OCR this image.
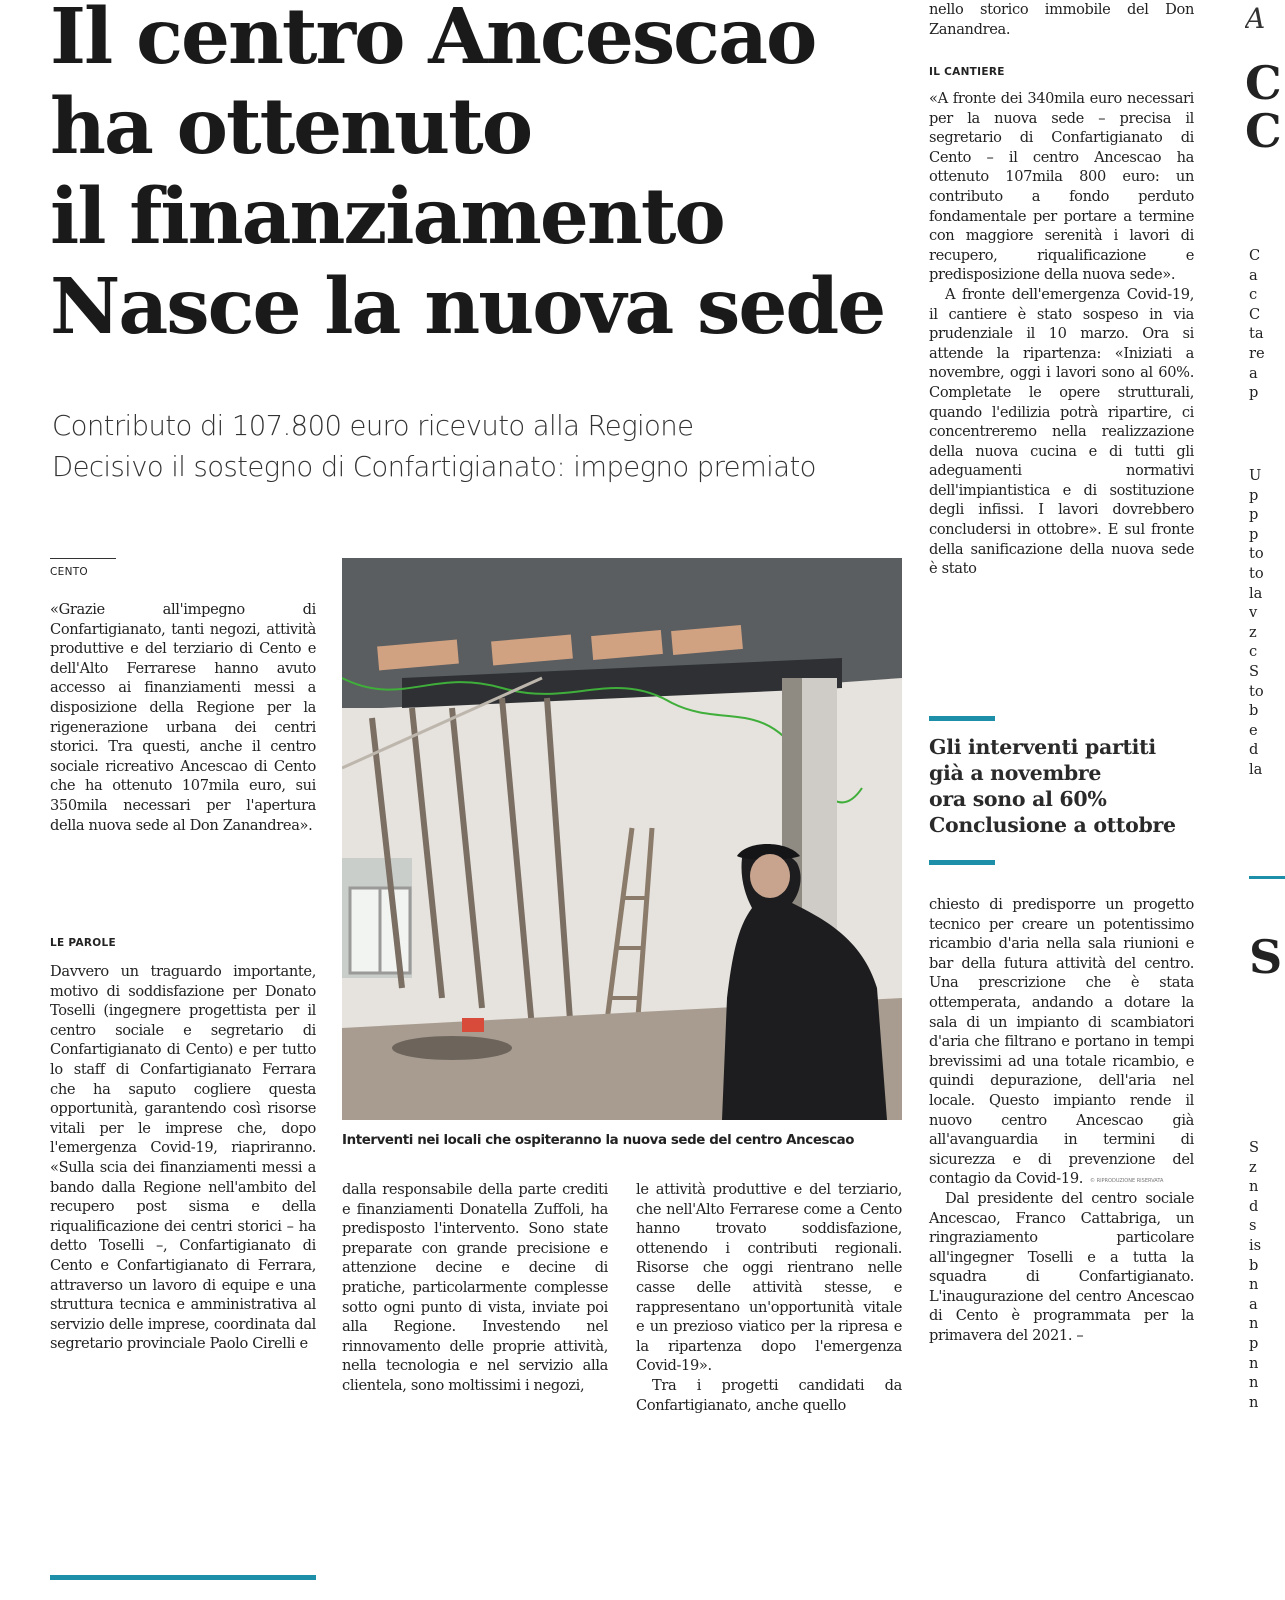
Il centro Ancescao
ha ottenuto
il finanziamento
Nasce la nuova sede
Contributo di 107.800 euro ricevuto alla Regione
Decisivo il sostegno di Confartigianato: impegno premiato
CENTO

«Grazie all'impegno di Confartigianato, tanti negozi, attività produttive e del terziario di Cento e dell'Alto Ferrarese hanno avuto accesso ai finanziamenti messi a disposizione della Regione per la rigenerazione urbana dei centri storici. Tra questi, anche il centro sociale ricreativo Ancescao di Cento che ha ottenuto 107mila euro, sui 350mila necessari per l'apertura della nuova sede al Don Zanandrea».

LE PAROLE

Davvero un traguardo importante, motivo di soddisfazione per Donato Toselli (ingegnere progettista per il centro sociale e segretario di Confartigianato di Cento) e per tutto lo staff di Confartigianato Ferrara che ha saputo cogliere questa opportunità, garantendo così risorse vitali per le imprese che, dopo l'emergenza Covid-19, riapriranno. «Sulla scia dei finanziamenti messi a bando dalla Regione nell'ambito del recupero post sisma e della riqualificazione dei centri storici – ha detto Toselli –, Confartigianato di Cento e Confartigianato di Ferrara, attraverso un lavoro di equipe e una struttura tecnica e amministrativa al servizio delle imprese, coordinata dal segretario provinciale Paolo Cirelli e

Interventi nei locali che ospiteranno la nuova sede del centro Ancescao

dalla responsabile della parte crediti e finanziamenti Donatella Zuffoli, ha predisposto l'intervento. Sono state preparate con grande precisione e attenzione decine e decine di pratiche, particolarmente complesse sotto ogni punto di vista, inviate poi alla Regione. Investendo nel rinnovamento delle proprie attività, nella tecnologia e nel servizio alla clientela, sono moltissimi i negozi,

le attività produttive e del terziario, che nell'Alto Ferrarese come a Cento hanno trovato soddisfazione, ottenendo i contributi regionali. Risorse che oggi rientrano nelle casse delle attività stesse, e rappresentano un'opportunità vitale e un prezioso viatico per la ripresa e la ripartenza dopo l'emergenza Covid-19».

Tra i progetti candidati da Confartigianato, anche quello

nello storico immobile del Don Zanandrea.

IL CANTIERE

«A fronte dei 340mila euro necessari per la nuova sede – precisa il segretario di Confartigianato di Cento – il centro Ancescao ha ottenuto 107mila 800 euro: un contributo a fondo perduto fondamentale per portare a termine con maggiore serenità i lavori di recupero, riqualificazione e predisposizione della nuova sede».

A fronte dell'emergenza Covid-19, il cantiere è stato sospeso in via prudenziale il 10 marzo. Ora si attende la ripartenza: «Iniziati a novembre, oggi i lavori sono al 60%. Completate le opere strutturali, quando l'edilizia potrà ripartire, ci concentreremo nella realizzazione della nuova cucina e di tutti gli adeguamenti normativi dell'impiantistica e di sostituzione degli infissi. I lavori dovrebbero concludersi in ottobre». E sul fronte della sanificazione della nuova sede è stato

Gli interventi partiti
già a novembre
ora sono al 60%
Conclusione a ottobre

chiesto di predisporre un progetto tecnico per creare un potentissimo ricambio d'aria nella sala riunioni e bar della futura attività del centro. Una prescrizione che è stata ottemperata, andando a dotare la sala di un impianto di scambiatori d'aria che filtrano e portano in tempi brevissimi ad una totale ricambio, e quindi depurazione, dell'aria nel locale. Questo impianto rende il nuovo centro Ancescao già all'avanguardia in termini di sicurezza e di prevenzione del contagio da Covid-19.

Dal presidente del centro sociale Ancescao, Franco Cattabriga, un ringraziamento particolare all'ingegner Toselli e a tutta la squadra di Confartigianato. L'inaugurazione del centro Ancescao di Cento è programmata per la primavera del 2021. –

© RIPRODUZIONE RISERVATA
A
C
C
C
a
c
C
ta
re
a
p
U
p
p
p
to
to
la
v
z
c
S
to
b
e
d
la
S
S
z
n
d
s
is
b
n
a
n
p
n
n
n
